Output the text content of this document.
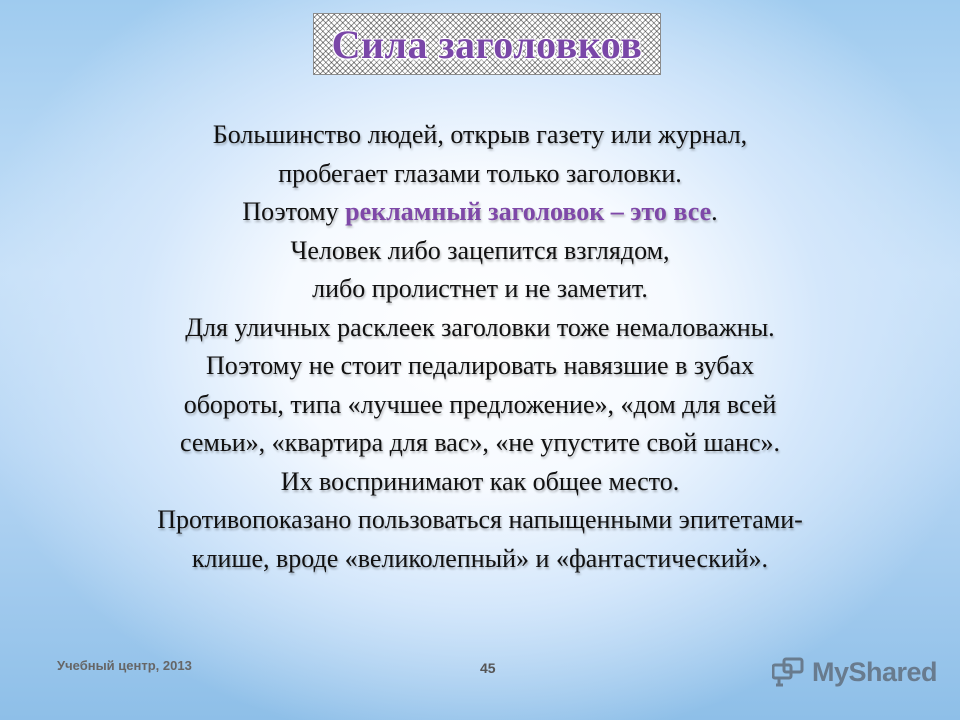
Сила заголовков
Большинство людей, открыв газету или журнал,
пробегает глазами только заголовки.
Поэтому рекламный заголовок – это все.
Человек либо зацепится взглядом,
либо пролистнет и не заметит.
Для уличных расклеек заголовки тоже немаловажны.
Поэтому не стоит педалировать навязшие в зубах
обороты, типа «лучшее предложение», «дом для всей
семьи», «квартира для вас», «не упустите свой шанс».
Их воспринимают как общее место.
Противопоказано пользоваться напыщенными эпитетами-
клише, вроде «великолепный» и «фантастический».
Учебный центр, 2013	45	MyShared
